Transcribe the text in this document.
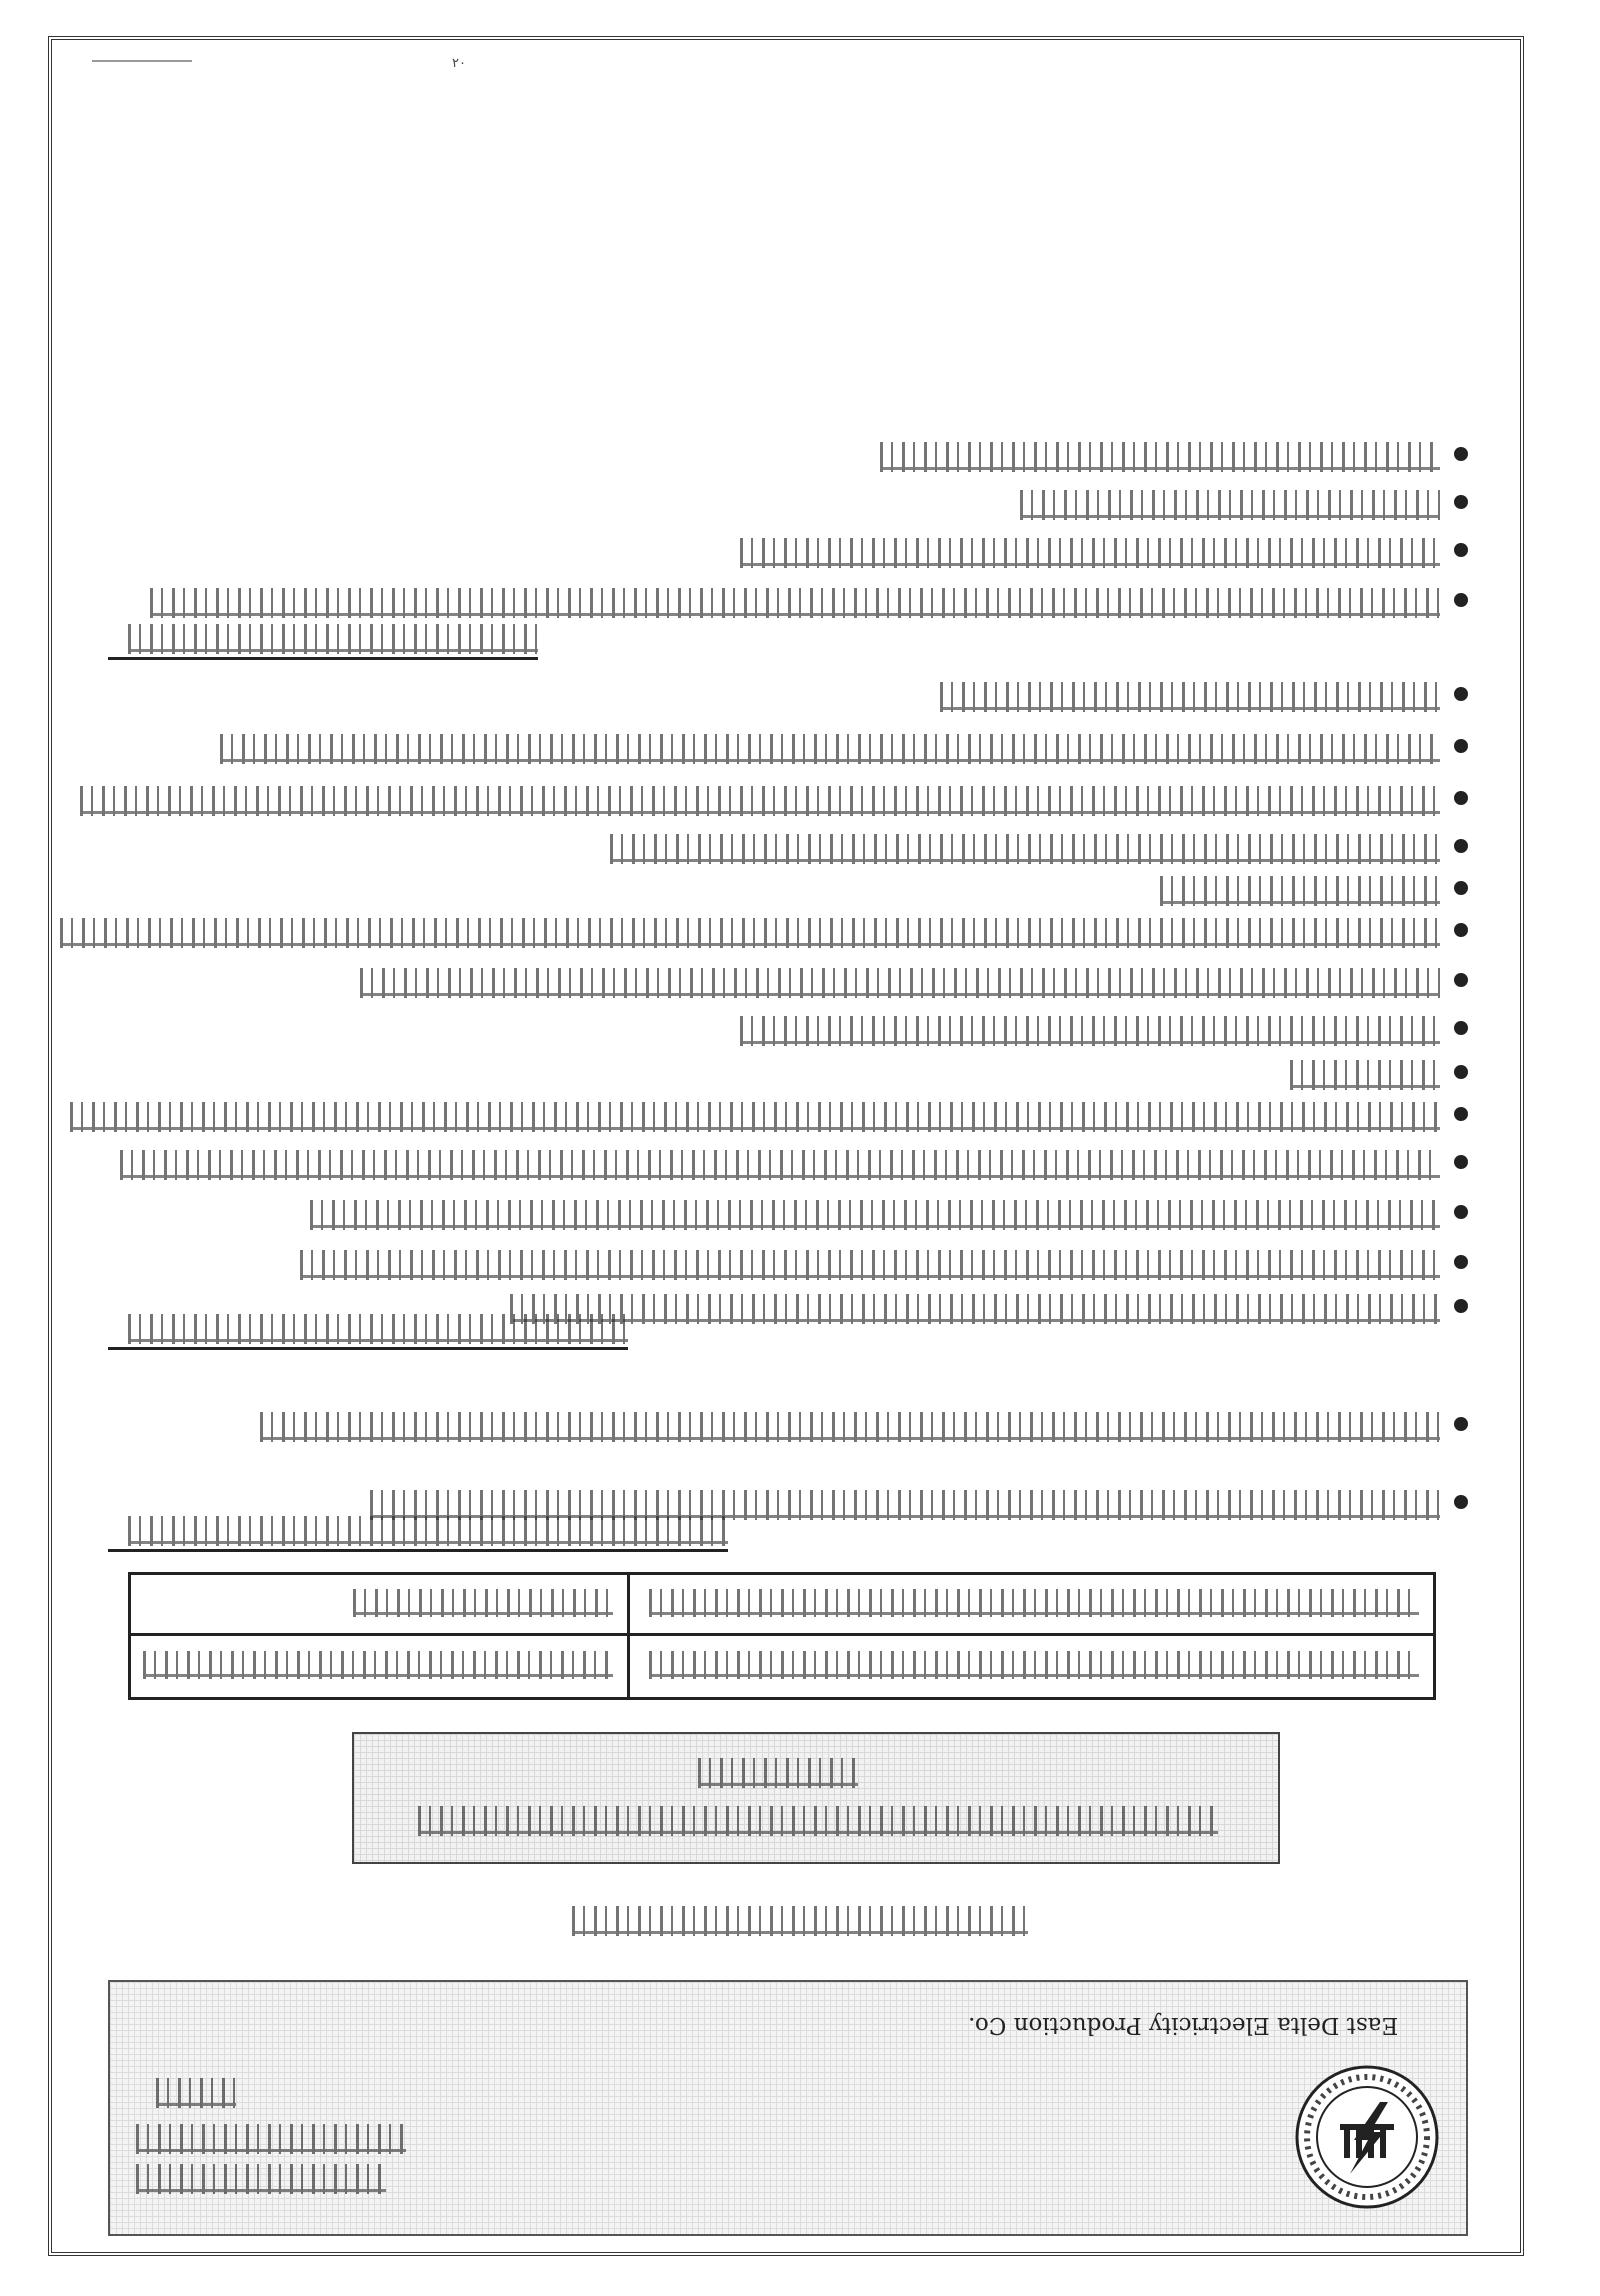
٢٠
East Delta Electricity Production Co.
